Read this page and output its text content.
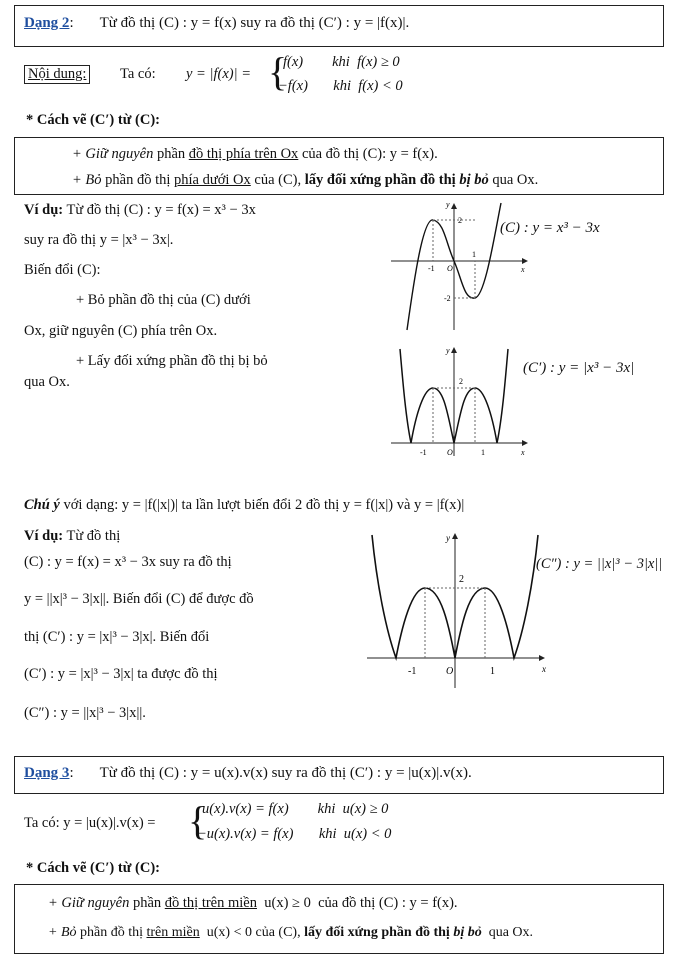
Dạng 2:       Từ đồ thị (C) : y = f(x) suy ra đồ thị (C′) : y = |f(x)|.
Nội dung: Ta có: y = |f(x)| = {
f(x)        khi  f(x) ≥ 0
−f(x)       khi  f(x) < 0
* Cách vẽ (C′) từ (C):
+ Giữ nguyên phần đồ thị phía trên Ox của đồ thị (C): y = f(x).
+ Bỏ phần đồ thị phía dưới Ox của (C), lấy đối xứng phần đồ thị bị bỏ qua Ox.
Ví dụ: Từ đồ thị (C) : y = f(x) = x³ − 3x
suy ra đồ thị y = |x³ − 3x|.
Biến đổi (C):
+ Bỏ phần đồ thị của (C) dưới
Ox, giữ nguyên (C) phía trên Ox.
+ Lấy đối xứng phần đồ thị bị bỏ
qua Ox.
y
x
2
-2
-1
1
O
(C) : y = x³ − 3x
y
x
2
-1	1
O
(C′) : y = |x³ − 3x|
Chú ý với dạng: y = |f(|x|)| ta lần lượt biến đổi 2 đồ thị y = f(|x|) và y = |f(x)|
Ví dụ: Từ đồ thị
(C) : y = f(x) = x³ − 3x suy ra đồ thị
y = ||x|³ − 3|x||. Biến đổi (C) để được đồ
thị (C′) : y = |x|³ − 3|x|. Biến đổi
(C′) : y = |x|³ − 3|x| ta được đồ thị
(C″) : y = ||x|³ − 3|x||.
y
x
2
-1	1
O
(C″) : y = ||x|³ − 3|x||
Dạng 3:       Từ đồ thị (C) : y = u(x).v(x) suy ra đồ thị (C′) : y = |u(x)|.v(x).
Ta có: y = |u(x)|.v(x) = {
u(x).v(x) = f(x)        khi  u(x) ≥ 0
−u(x).v(x) = f(x)       khi  u(x) < 0
* Cách vẽ (C′) từ (C):
+ Giữ nguyên phần đồ thị trên miền  u(x) ≥ 0  của đồ thị (C) : y = f(x).
+ Bỏ phần đồ thị trên miền  u(x) < 0 của (C), lấy đối xứng phần đồ thị bị bỏ  qua Ox.
